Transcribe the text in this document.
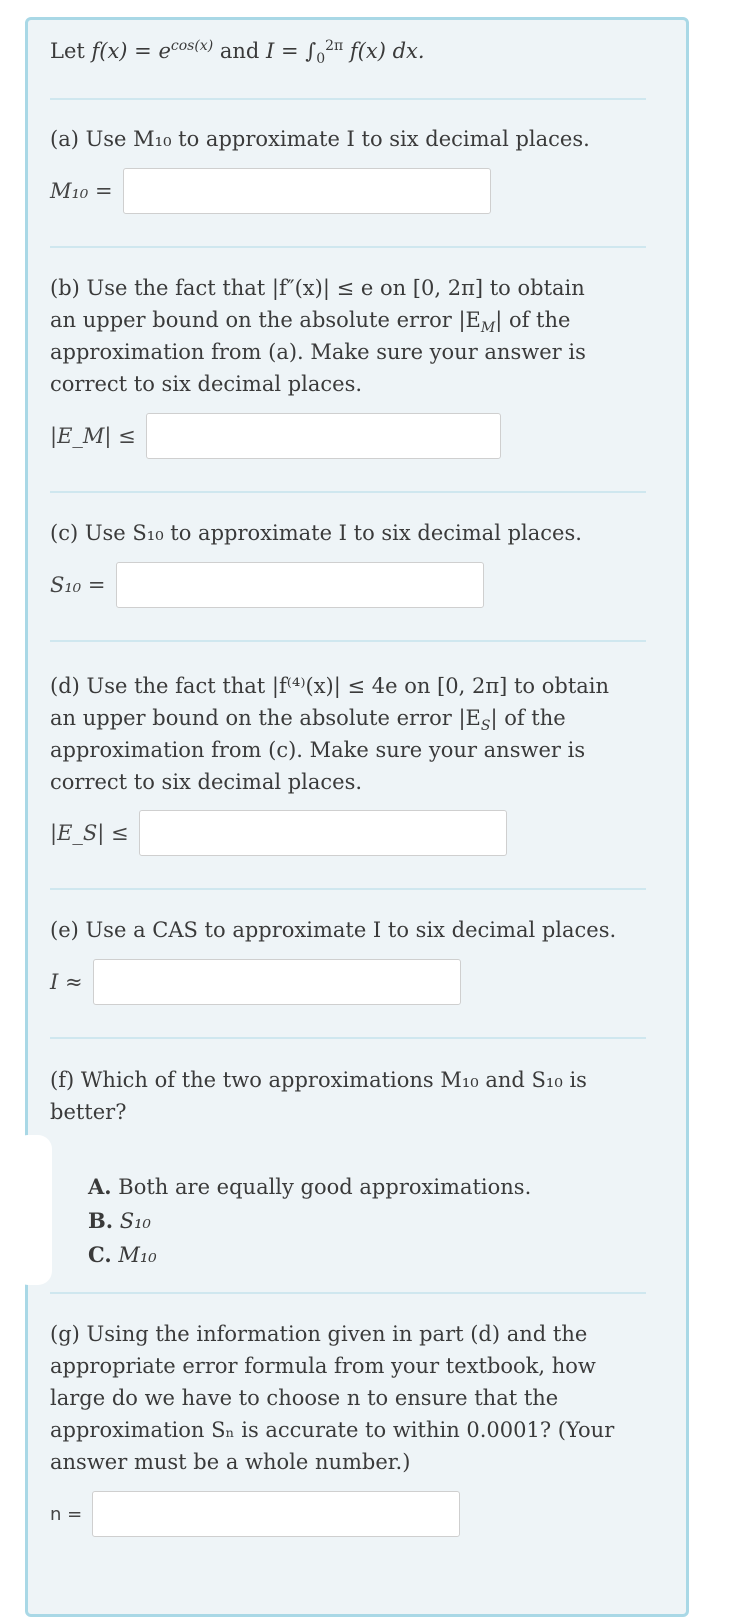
Let $f(x) = e^{cos(x)}$ and $I = \int_0^{2\pi}$ f(x) dx.
(a) Use M₁₀ to approximate I to six decimal places.
M₁₀ =
(b) Use the fact that |f″(x)| ≤ e on [0, 2π] to obtain
an upper bound on the absolute error $|E_M|$ of the
approximation from (a). Make sure your answer is
correct to six decimal places.
|E_M| ≤
(c) Use S₁₀ to approximate I to six decimal places.
S₁₀ =
(d) Use the fact that |f⁽⁴⁾(x)| ≤ 4e on [0, 2π] to obtain
an upper bound on the absolute error $|E_S|$ of the
approximation from (c). Make sure your answer is
correct to six decimal places.
|E_S| ≤
(e) Use a CAS to approximate I to six decimal places.
I ≈
(f) Which of the two approximations M₁₀ and S₁₀ is
better?
A. Both are equally good approximations.
B. S₁₀
C. M₁₀
(g) Using the information given in part (d) and the
appropriate error formula from your textbook, how
large do we have to choose n to ensure that the
approximation Sₙ is accurate to within 0.0001? (Your
answer must be a whole number.)
n =
